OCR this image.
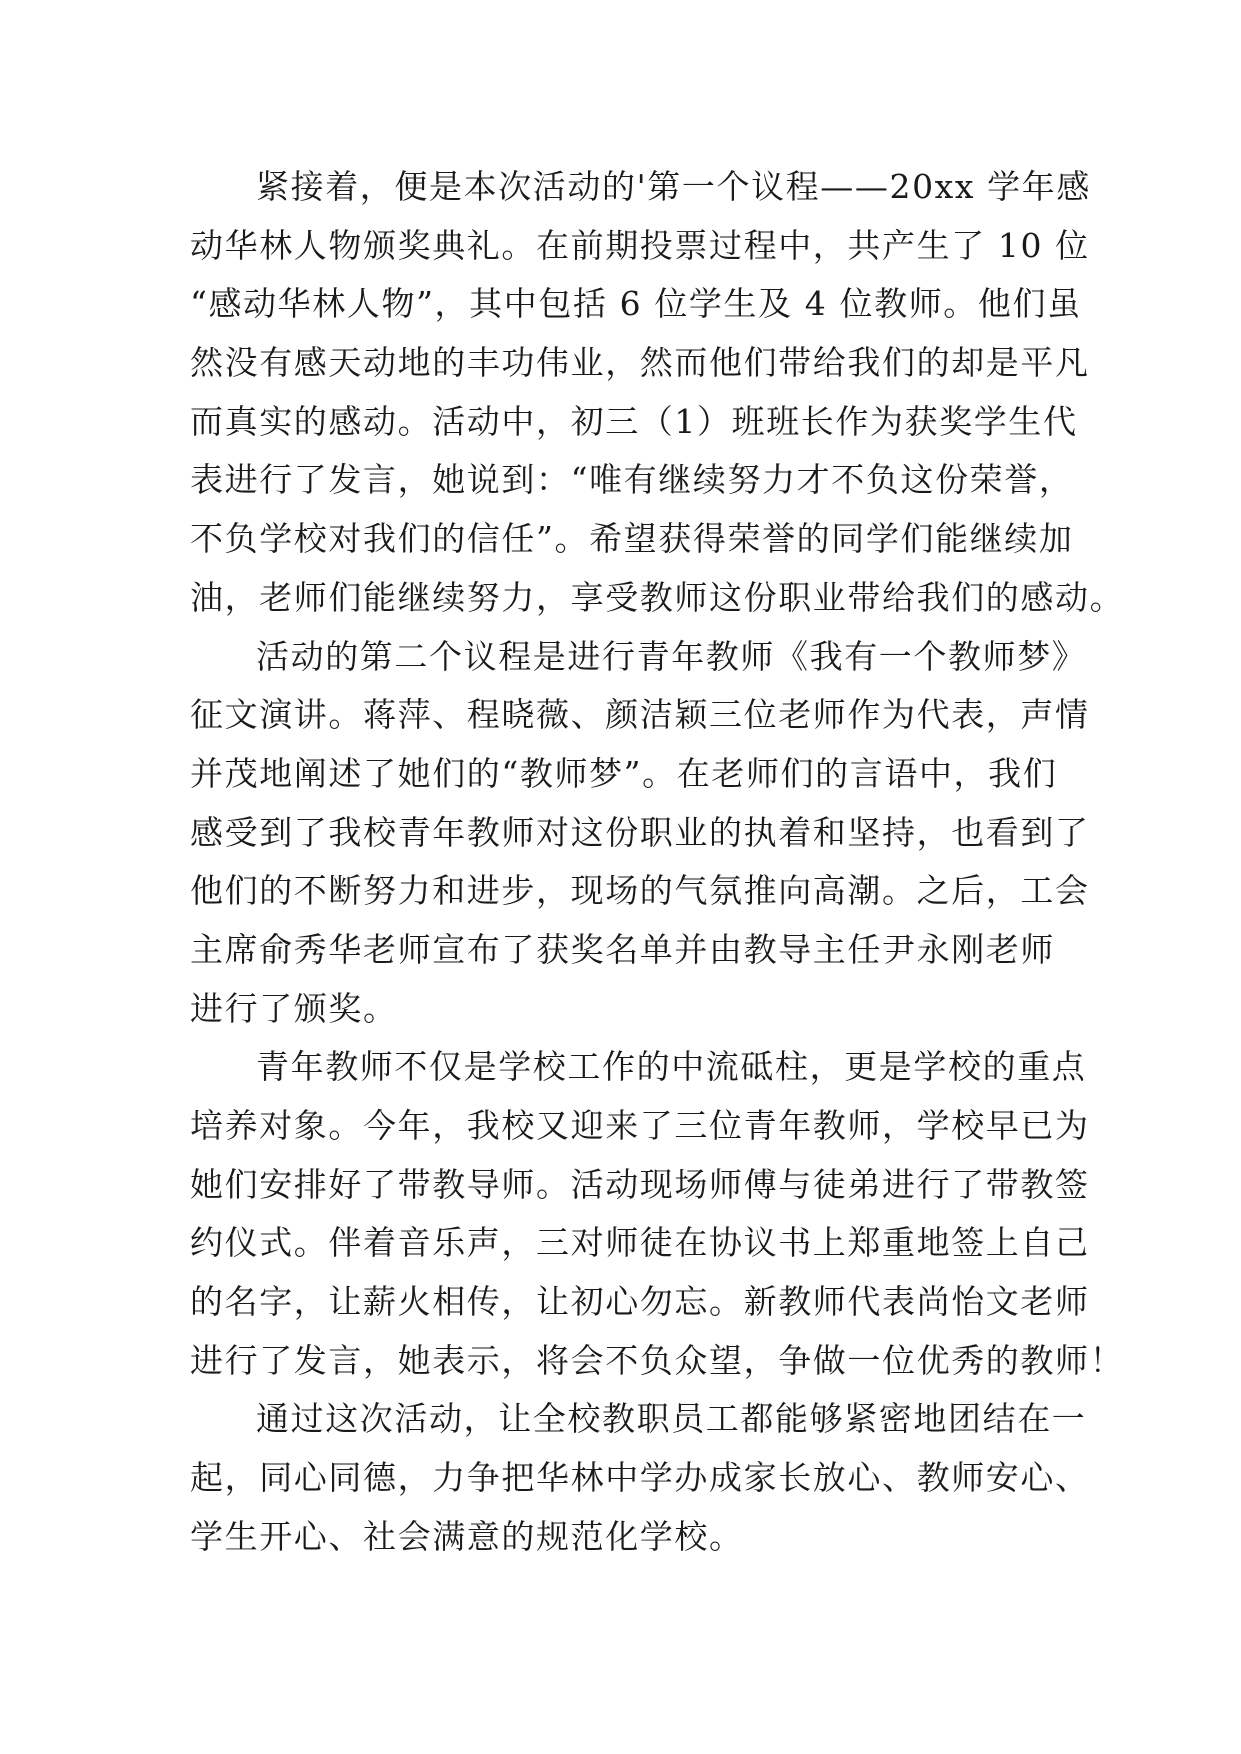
紧接着，便是本次活动的'第一个议程——20xx 学年感
动华林人物颁奖典礼。在前期投票过程中，共产生了 10 位
“感动华林人物”，其中包括 6 位学生及 4 位教师。他们虽
然没有感天动地的丰功伟业，然而他们带给我们的却是平凡
而真实的感动。活动中，初三（1）班班长作为获奖学生代
表进行了发言，她说到：“唯有继续努力才不负这份荣誉，
不负学校对我们的信任”。希望获得荣誉的同学们能继续加
油，老师们能继续努力，享受教师这份职业带给我们的感动。
活动的第二个议程是进行青年教师《我有一个教师梦》
征文演讲。蒋萍、程晓薇、颜洁颖三位老师作为代表，声情
并茂地阐述了她们的“教师梦”。在老师们的言语中，我们
感受到了我校青年教师对这份职业的执着和坚持，也看到了
他们的不断努力和进步，现场的气氛推向高潮。之后，工会
主席俞秀华老师宣布了获奖名单并由教导主任尹永刚老师
进行了颁奖。
青年教师不仅是学校工作的中流砥柱，更是学校的重点
培养对象。今年，我校又迎来了三位青年教师，学校早已为
她们安排好了带教导师。活动现场师傅与徒弟进行了带教签
约仪式。伴着音乐声，三对师徒在协议书上郑重地签上自己
的名字，让薪火相传，让初心勿忘。新教师代表尚怡文老师
进行了发言，她表示，将会不负众望，争做一位优秀的教师！
通过这次活动，让全校教职员工都能够紧密地团结在一
起，同心同德，力争把华林中学办成家长放心、教师安心、
学生开心、社会满意的规范化学校。
